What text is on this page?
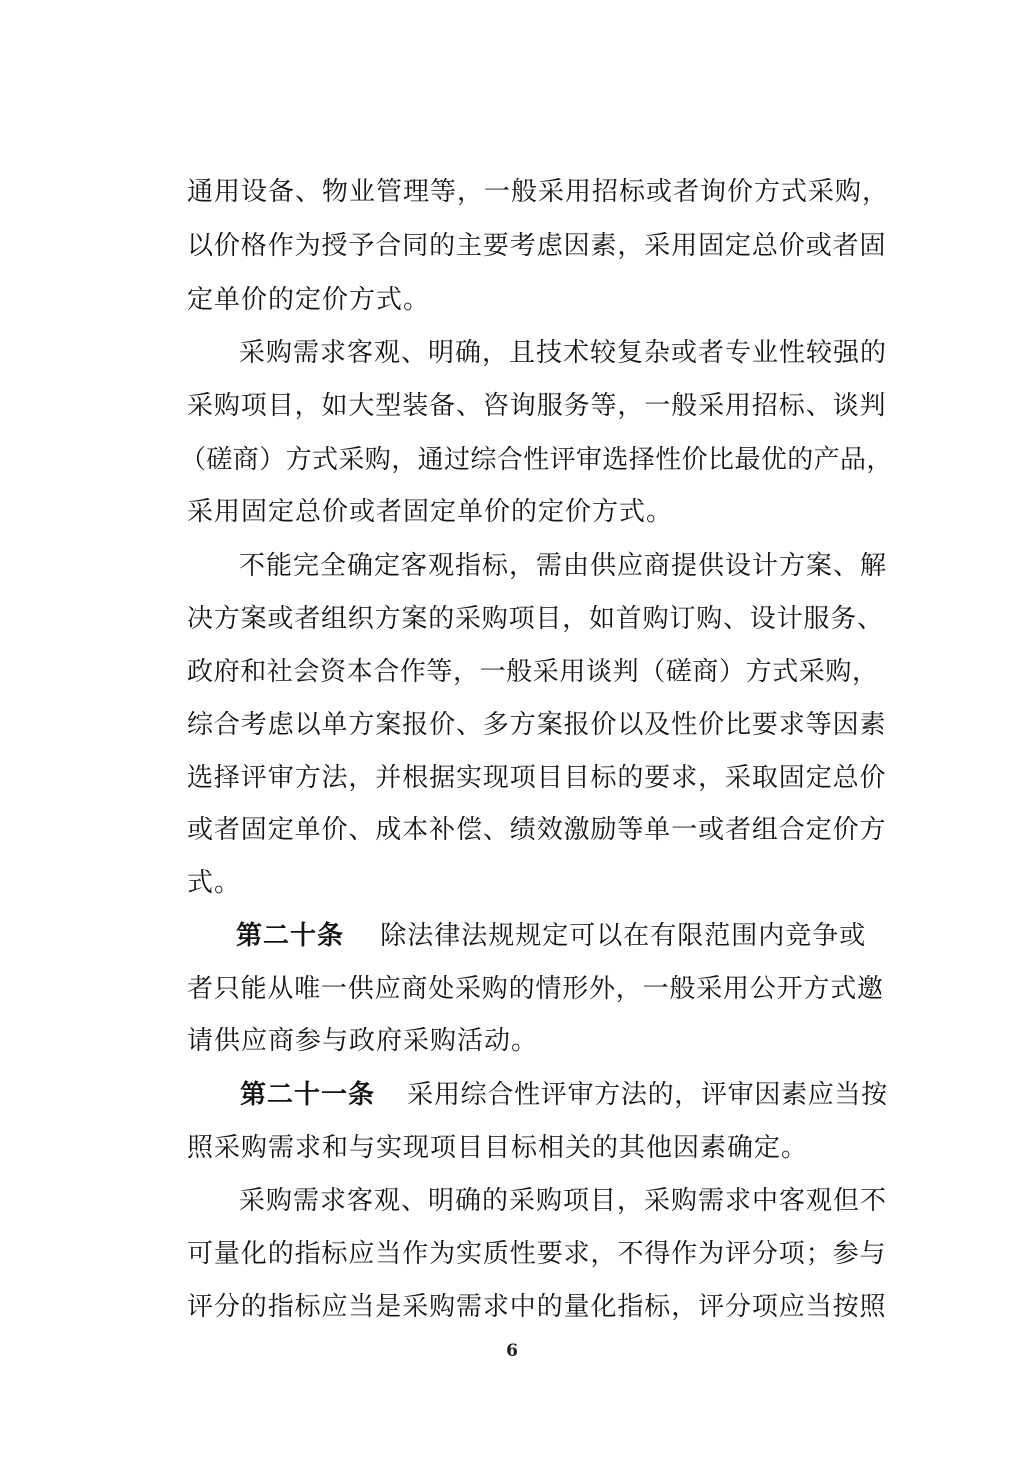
通用设备、物业管理等，一般采用招标或者询价方式采购，
以价格作为授予合同的主要考虑因素，采用固定总价或者固
定单价的定价方式。
采购需求客观、明确，且技术较复杂或者专业性较强的
采购项目，如大型装备、咨询服务等，一般采用招标、谈判
（磋商）方式采购，通过综合性评审选择性价比最优的产品，
采用固定总价或者固定单价的定价方式。
不能完全确定客观指标，需由供应商提供设计方案、解
决方案或者组织方案的采购项目，如首购订购、设计服务、
政府和社会资本合作等，一般采用谈判（磋商）方式采购，
综合考虑以单方案报价、多方案报价以及性价比要求等因素
选择评审方法，并根据实现项目目标的要求，采取固定总价
或者固定单价、成本补偿、绩效激励等单一或者组合定价方
式。
第二十条 除法律法规规定可以在有限范围内竞争或
者只能从唯一供应商处采购的情形外，一般采用公开方式邀
请供应商参与政府采购活动。
第二十一条 采用综合性评审方法的，评审因素应当按
照采购需求和与实现项目目标相关的其他因素确定。
采购需求客观、明确的采购项目，采购需求中客观但不
可量化的指标应当作为实质性要求，不得作为评分项；参与
评分的指标应当是采购需求中的量化指标，评分项应当按照
6
